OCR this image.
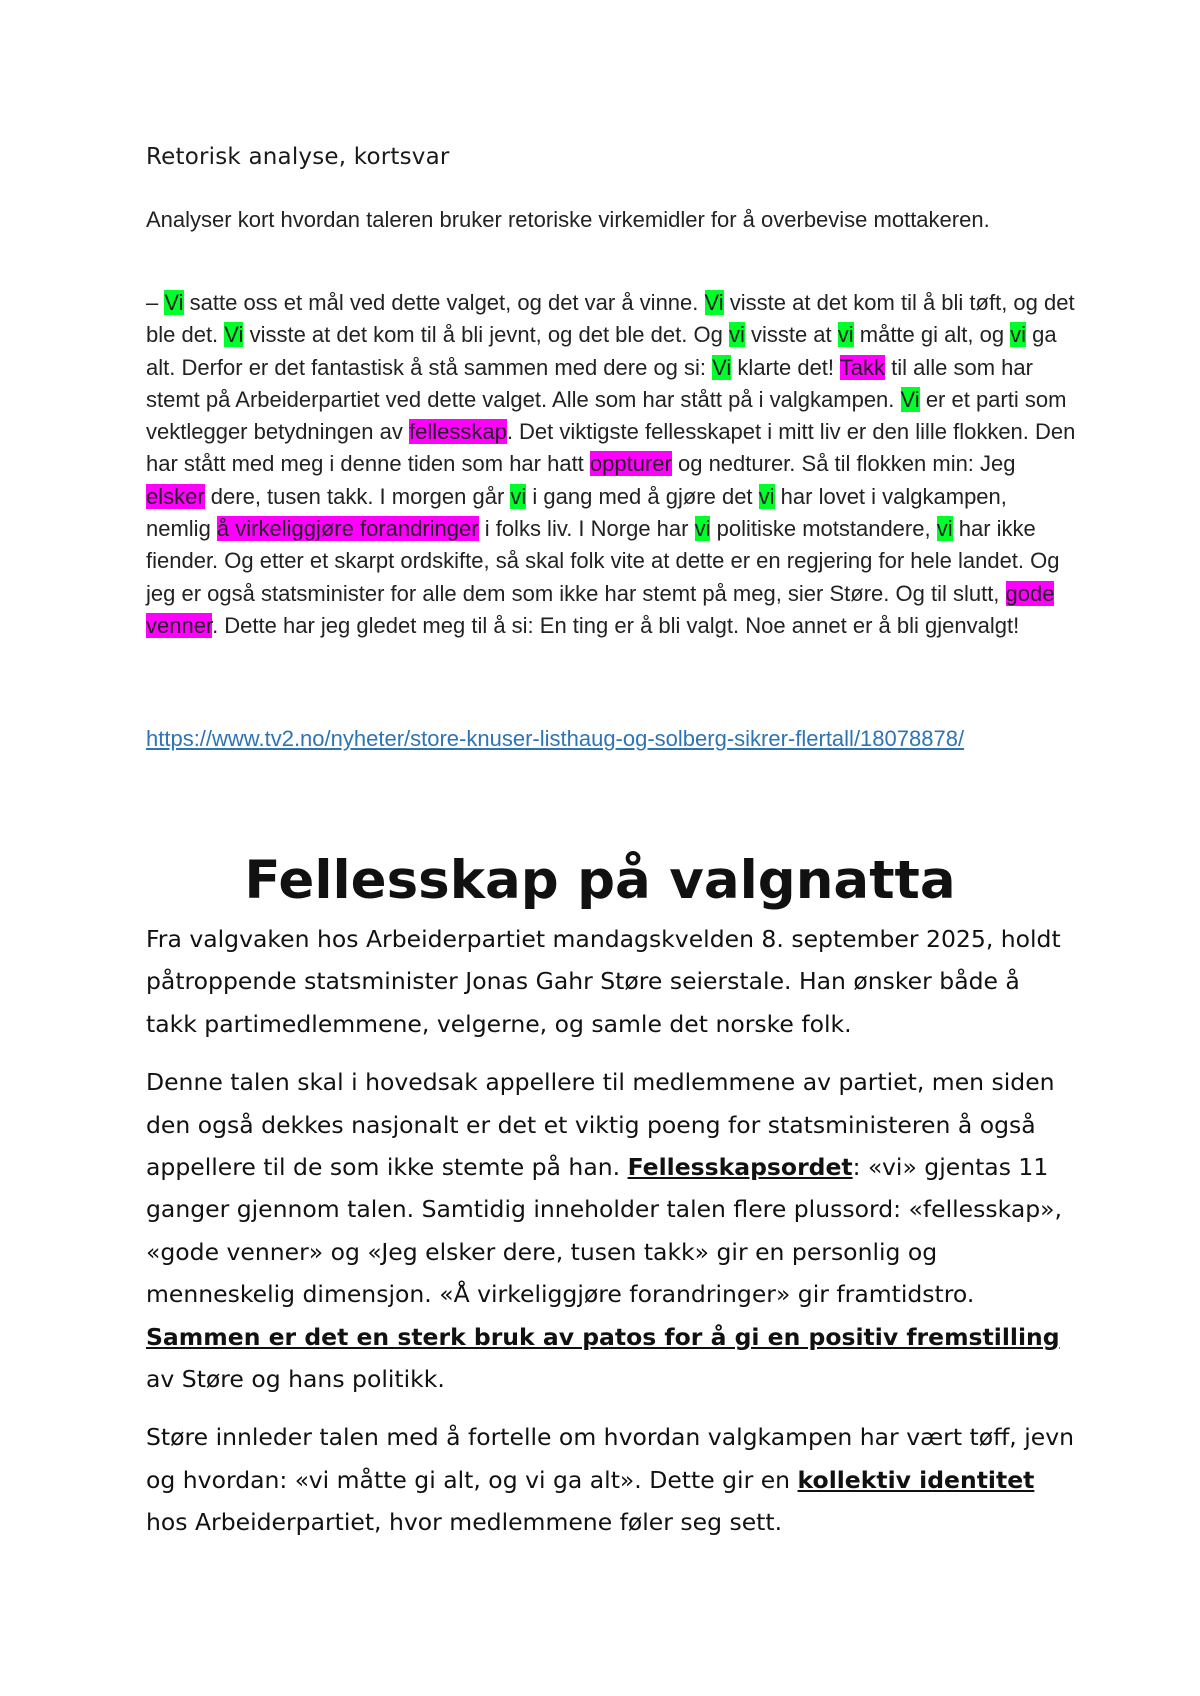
Retorisk analyse, kortsvar

Analyser kort hvordan taleren bruker retoriske virkemidler for å overbevise mottakeren.

– Vi satte oss et mål ved dette valget, og det var å vinne. Vi visste at det kom til å bli tøft, og det ble det. Vi visste at det kom til å bli jevnt, og det ble det. Og vi visste at vi måtte gi alt, og vi ga alt. Derfor er det fantastisk å stå sammen med dere og si: Vi klarte det! Takk til alle som har stemt på Arbeiderpartiet ved dette valget. Alle som har stått på i valgkampen. Vi er et parti som vektlegger betydningen av fellesskap. Det viktigste fellesskapet i mitt liv er den lille flokken. Den har stått med meg i denne tiden som har hatt oppturer og nedturer. Så til flokken min: Jeg elsker dere, tusen takk. I morgen går vi i gang med å gjøre det vi har lovet i valgkampen, nemlig å virkeliggjøre forandringer i folks liv. I Norge har vi politiske motstandere, vi har ikke fiender. Og etter et skarpt ordskifte, så skal folk vite at dette er en regjering for hele landet. Og jeg er også statsminister for alle dem som ikke har stemt på meg, sier Støre. Og til slutt, gode venner. Dette har jeg gledet meg til å si: En ting er å bli valgt. Noe annet er å bli gjenvalgt!

https://www.tv2.no/nyheter/store-knuser-listhaug-og-solberg-sikrer-flertall/18078878/
Fellesskap på valgnatta

Fra valgvaken hos Arbeiderpartiet mandagskvelden 8. september 2025, holdt påtroppende statsminister Jonas Gahr Støre seierstale. Han ønsker både å takk partimedlemmene, velgerne, og samle det norske folk.

Denne talen skal i hovedsak appellere til medlemmene av partiet, men siden den også dekkes nasjonalt er det et viktig poeng for statsministeren å også appellere til de som ikke stemte på han. Fellesskapsordet: «vi» gjentas 11 ganger gjennom talen. Samtidig inneholder talen flere plussord: «fellesskap», «gode venner» og «Jeg elsker dere, tusen takk» gir en personlig og menneskelig dimensjon. «Å virkeliggjøre forandringer» gir framtidstro. Sammen er det en sterk bruk av patos for å gi en positiv fremstilling av Støre og hans politikk.

Støre innleder talen med å fortelle om hvordan valgkampen har vært tøff, jevn og hvordan: «vi måtte gi alt, og vi ga alt». Dette gir en kollektiv identitet hos Arbeiderpartiet, hvor medlemmene føler seg sett.
